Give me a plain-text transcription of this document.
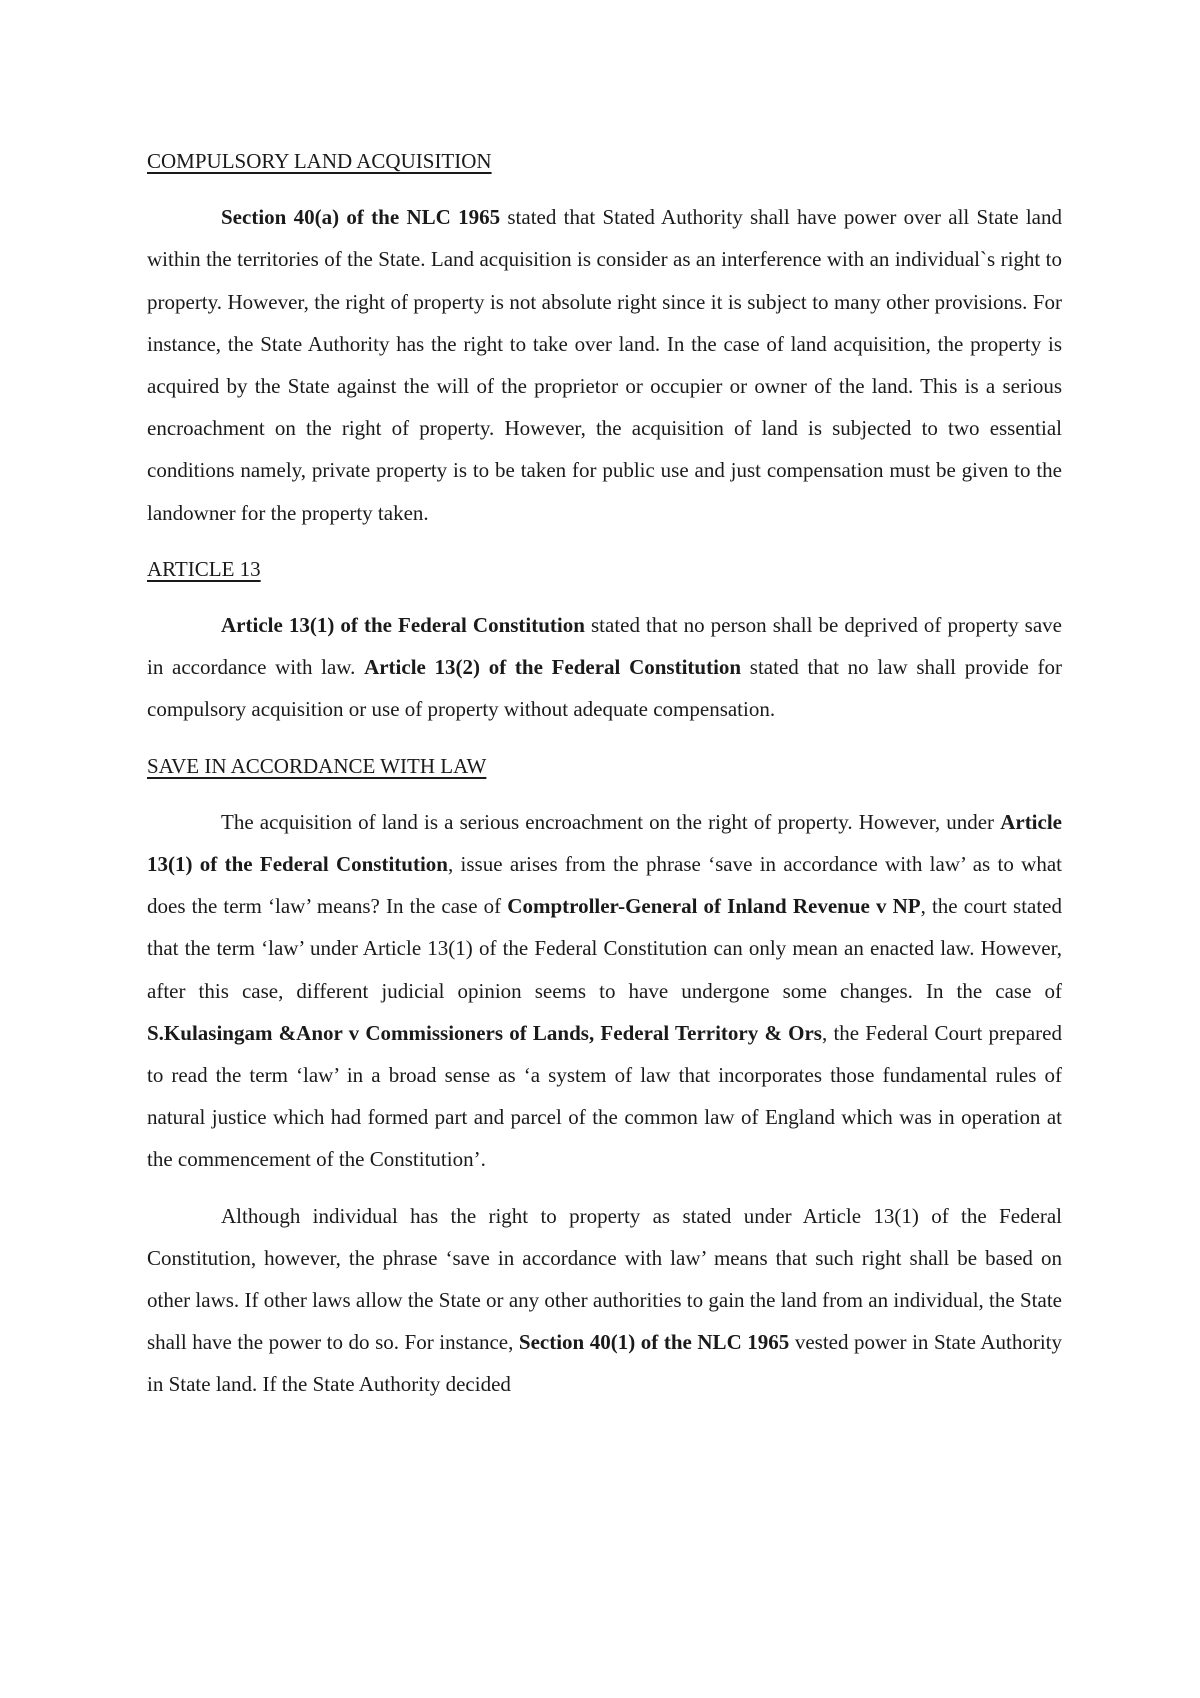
COMPULSORY LAND ACQUISITION

Section 40(a) of the NLC 1965 stated that Stated Authority shall have power over all State land within the territories of the State. Land acquisition is consider as an interference with an individual`s right to property. However, the right of property is not absolute right since it is subject to many other provisions. For instance, the State Authority has the right to take over land. In the case of land acquisition, the property is acquired by the State against the will of the proprietor or occupier or owner of the land. This is a serious encroachment on the right of property. However, the acquisition of land is subjected to two essential conditions namely, private property is to be taken for public use and just compensation must be given to the landowner for the property taken.

ARTICLE 13

Article 13(1) of the Federal Constitution stated that no person shall be deprived of property save in accordance with law. Article 13(2) of the Federal Constitution stated that no law shall provide for compulsory acquisition or use of property without adequate compensation.

SAVE IN ACCORDANCE WITH LAW

The acquisition of land is a serious encroachment on the right of property. However, under Article 13(1) of the Federal Constitution, issue arises from the phrase ‘save in accordance with law’ as to what does the term ‘law’ means? In the case of Comptroller-General of Inland Revenue v NP, the court stated that the term ‘law’ under Article 13(1) of the Federal Constitution can only mean an enacted law. However, after this case, different judicial opinion seems to have undergone some changes. In the case of S.Kulasingam &Anor v Commissioners of Lands, Federal Territory & Ors, the Federal Court prepared to read the term ‘law’ in a broad sense as ‘a system of law that incorporates those fundamental rules of natural justice which had formed part and parcel of the common law of England which was in operation at the commencement of the Constitution’.

Although individual has the right to property as stated under Article 13(1) of the Federal Constitution, however, the phrase ‘save in accordance with law’ means that such right shall be based on other laws. If other laws allow the State or any other authorities to gain the land from an individual, the State shall have the power to do so. For instance, Section 40(1) of the NLC 1965 vested power in State Authority in State land. If the State Authority decided
